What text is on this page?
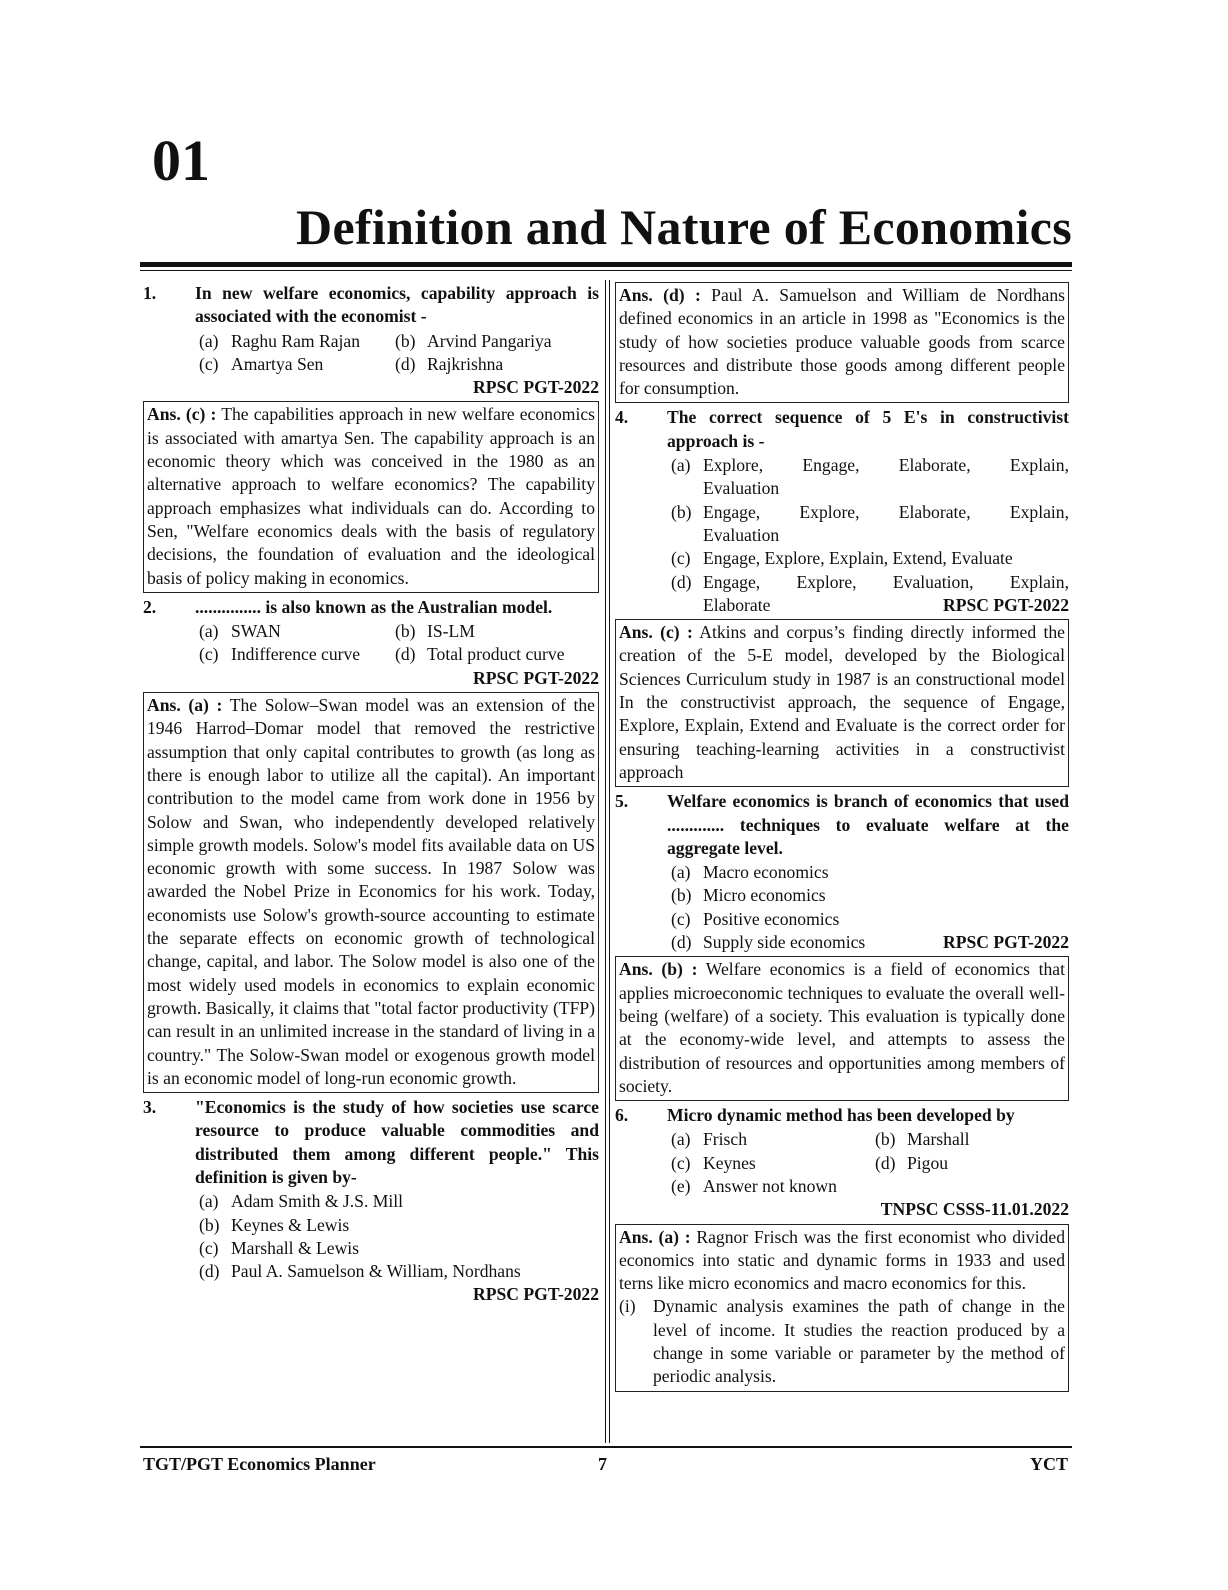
01
Definition and Nature of Economics
1.	In new welfare economics, capability approach is associated with the economist -
(a) Raghu Ram Rajan	(b) Arvind Pangariya
(c) Amartya Sen	(d) Rajkrishna
RPSC PGT-2022
Ans. (c) : The capabilities approach in new welfare economics is associated with amartya Sen. The capability approach is an economic theory which was conceived in the 1980 as an alternative approach to welfare economics? The capability approach emphasizes what individuals can do. According to Sen, "Welfare economics deals with the basis of regulatory decisions, the foundation of evaluation and the ideological basis of policy making in economics.
2.	............... is also known as the Australian model.
(a) SWAN	(b) IS-LM
(c) Indifference curve	(d) Total product curve
RPSC PGT-2022
Ans. (a) : The Solow–Swan model was an extension of the 1946 Harrod–Domar model that removed the restrictive assumption that only capital contributes to growth (as long as there is enough labor to utilize all the capital). An important contribution to the model came from work done in 1956 by Solow and Swan, who independently developed relatively simple growth models. Solow's model fits available data on US economic growth with some success. In 1987 Solow was awarded the Nobel Prize in Economics for his work. Today, economists use Solow's growth-source accounting to estimate the separate effects on economic growth of technological change, capital, and labor. The Solow model is also one of the most widely used models in economics to explain economic growth. Basically, it claims that "total factor productivity (TFP) can result in an unlimited increase in the standard of living in a country." The Solow-Swan model or exogenous growth model is an economic model of long-run economic growth.
3.	"Economics is the study of how societies use scarce resource to produce valuable commodities and distributed them among different people." This definition is given by-
(a) Adam Smith & J.S. Mill
(b) Keynes & Lewis
(c) Marshall & Lewis
(d) Paul A. Samuelson & William, Nordhans
RPSC PGT-2022
Ans. (d) : Paul A. Samuelson and William de Nordhans defined economics in an article in 1998 as "Economics is the study of how societies produce valuable goods from scarce resources and distribute those goods among different people for consumption.
4.	The correct sequence of 5 E's in constructivist approach is -
(a) Explore, Engage, Elaborate, Explain,
Evaluation
(b) Engage, Explore, Elaborate, Explain,
Evaluation
(c) Engage, Explore, Explain, Extend, Evaluate
(d) Engage, Explore, Evaluation, Explain,
Elaborate	RPSC PGT-2022
Ans. (c) : Atkins and corpus’s finding directly informed the creation of the 5-E model, developed by the Biological Sciences Curriculum study in 1987 is an constructional model In the constructivist approach, the sequence of Engage, Explore, Explain, Extend and Evaluate is the correct order for ensuring teaching-learning activities in a constructivist approach
5.	Welfare economics is branch of economics that used ............. techniques to evaluate welfare at the aggregate level.
(a) Macro economics
(b) Micro economics
(c) Positive economics
(d) Supply side economics	RPSC PGT-2022
Ans. (b) : Welfare economics is a field of economics that applies microeconomic techniques to evaluate the overall well-being (welfare) of a society. This evaluation is typically done at the economy-wide level, and attempts to assess the distribution of resources and opportunities among members of society.
6.	Micro dynamic method has been developed by
(a) Frisch	(b) Marshall
(c) Keynes	(d) Pigou
(e) Answer not known
TNPSC CSSS-11.01.2022
Ans. (a) : Ragnor Frisch was the first economist who divided economics into static and dynamic forms in 1933 and used terns like micro economics and macro economics for this.
(i) Dynamic analysis examines the path of change in the level of income. It studies the reaction produced by a change in some variable or parameter by the method of periodic analysis.
TGT/PGT Economics Planner	7	YCT
